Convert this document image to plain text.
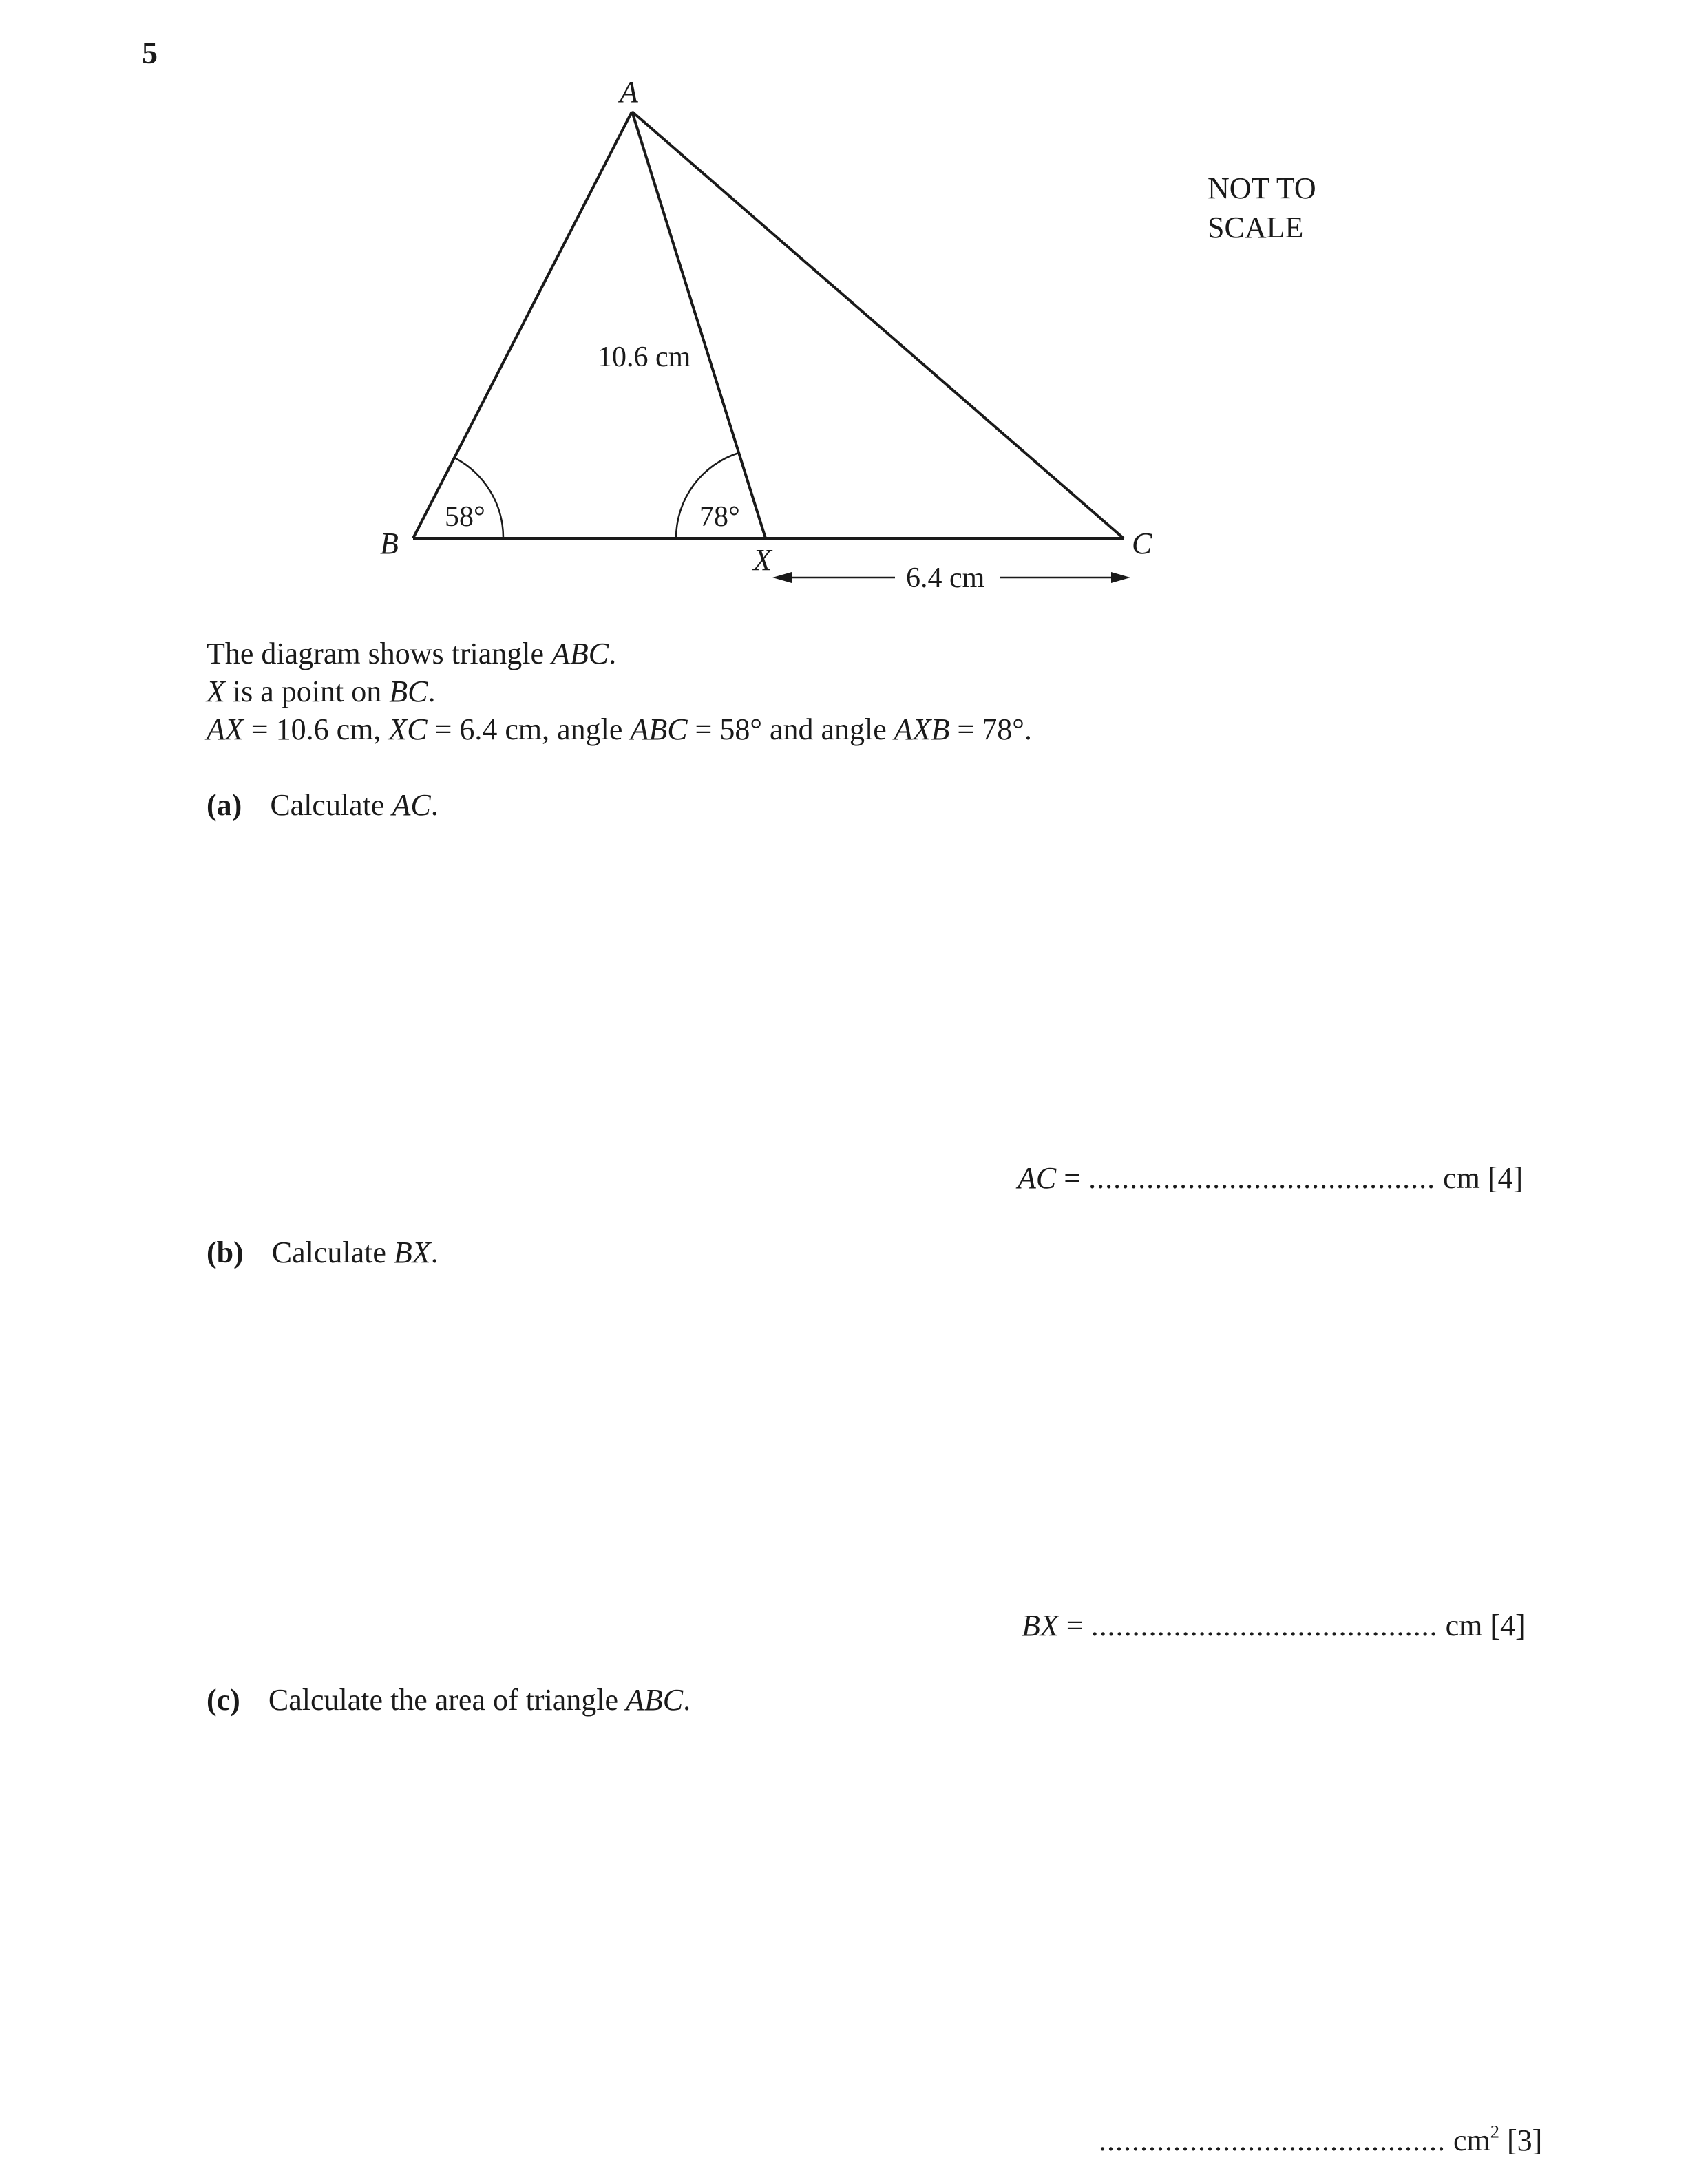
5
A
B	C
X
10.6 cm
6.4 cm
58°	78°
NOT TO
SCALE
The diagram shows triangle ABC.
X is a point on BC.
AX = 10.6 cm, XC = 6.4 cm, angle ABC = 58° and angle AXB = 78°.
(a) Calculate AC.
AC = .......................................... cm [4]
(b) Calculate BX.
BX = .......................................... cm [4]
(c) Calculate the area of triangle ABC.
.......................................... $cm^2$ [3]
